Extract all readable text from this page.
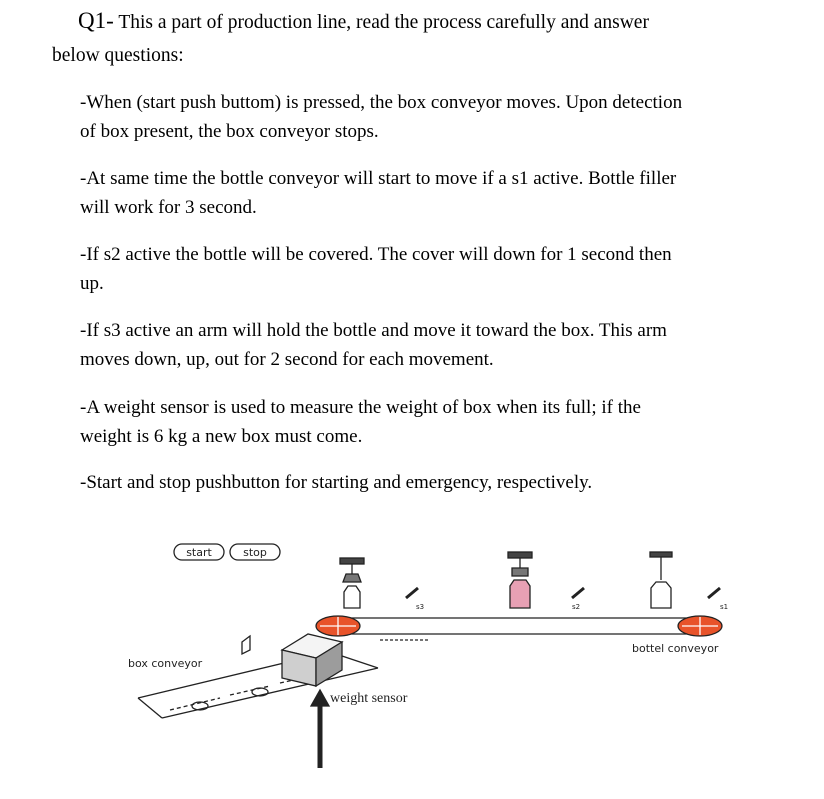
Q1- This a part of production line, read the process carefully and answer

below questions:

-When (start push buttom) is pressed, the box conveyor moves. Upon detection
of box present, the box conveyor stops.

-At same time the bottle conveyor will start to move if a s1 active. Bottle filler
will work for 3 second.

-If s2 active the bottle will be covered. The cover will down for 1 second then
up.

-If s3 active an arm will hold the bottle and move it toward the box. This arm
moves down, up, out for 2 second for each movement.

-A weight sensor is used to measure the weight of box when its full; if the
weight is 6 kg a new box must come.

-Start and stop pushbutton for starting and emergency, respectively.

start	stop
s3	s2	s1
box conveyor
bottel conveyor
weight sensor
